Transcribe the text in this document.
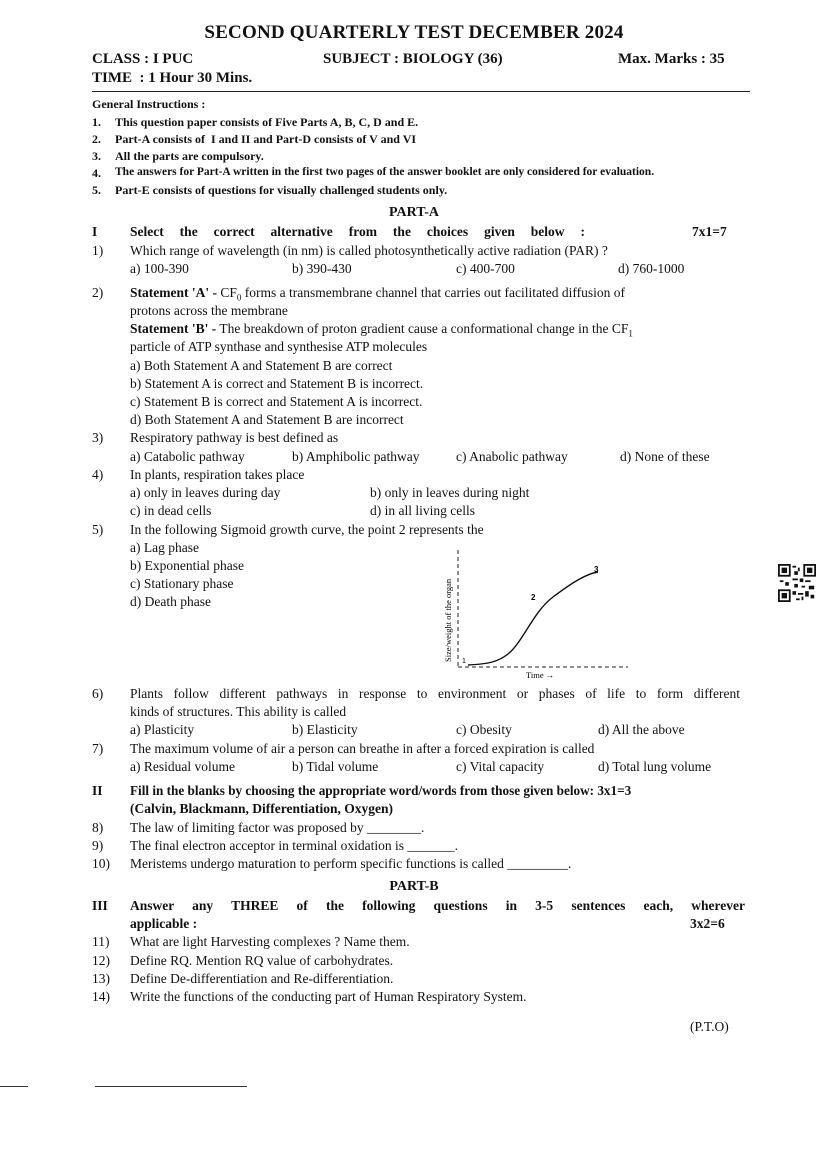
SECOND QUARTERLY TEST DECEMBER 2024
CLASS : I PUC	SUBJECT : BIOLOGY (36)	Max. Marks : 35
TIME  : 1 Hour 30 Mins.
General Instructions :
1. This question paper consists of Five Parts A, B, C, D and E.
2. Part-A consists of  I and II and Part-D consists of V and VI
3. All the parts are compulsory.
4. The answers for Part-A written in the first two pages of the answer booklet are only considered for evaluation.
5. Part-E consists of questions for visually challenged students only.
PART-A
I Select the correct alternative from the choices given below :	7x1=7
1) Which range of wavelength (in nm) is called photosynthetically active radiation (PAR) ?
a) 100-390	b) 390-430	c) 400-700	d) 760-1000
2) Statement 'A' - $CF_0$ forms a transmembrane channel that carries out facilitated diffusion of
protons across the membrane
Statement 'B' - The breakdown of proton gradient cause a conformational change in the $CF_1$
particle of ATP synthase and synthesise ATP molecules
a) Both Statement A and Statement B are correct
b) Statement A is correct and Statement B is incorrect.
c) Statement B is correct and Statement A is incorrect.
d) Both Statement A and Statement B are incorrect
3) Respiratory pathway is best defined as
a) Catabolic pathway	b) Amphibolic pathway	c) Anabolic pathway	d) None of these
4) In plants, respiration takes place
a) only in leaves during day	b) only in leaves during night
c) in dead cells	d) in all living cells
5) In the following Sigmoid growth curve, the point 2 represents the
a) Lag phase
b) Exponential phase
c) Stationary phase
d) Death phase
1
2
3
Size/weight of the organ
Time →
6) Plants follow different pathways in response to environment or phases of life to form different
kinds of structures. This ability is called
a) Plasticity	b) Elasticity	c) Obesity	d) All the above
7) The maximum volume of air a person can breathe in after a forced expiration is called
a) Residual volume	b) Tidal volume	c) Vital capacity	d) Total lung volume
II Fill in the blanks by choosing the appropriate word/words from those given below: 3x1=3
(Calvin, Blackmann, Differentiation, Oxygen)
8) The law of limiting factor was proposed by ________.
9) The final electron acceptor in terminal oxidation is _______.
10) Meristems undergo maturation to perform specific functions is called _________.
PART-B
III Answer any THREE of the following questions in 3-5 sentences each, wherever
applicable :	3x2=6
11) What are light Harvesting complexes ? Name them.
12) Define RQ. Mention RQ value of carbohydrates.
13) Define De-differentiation and Re-differentiation.
14) Write the functions of the conducting part of Human Respiratory System.
(P.T.O)
